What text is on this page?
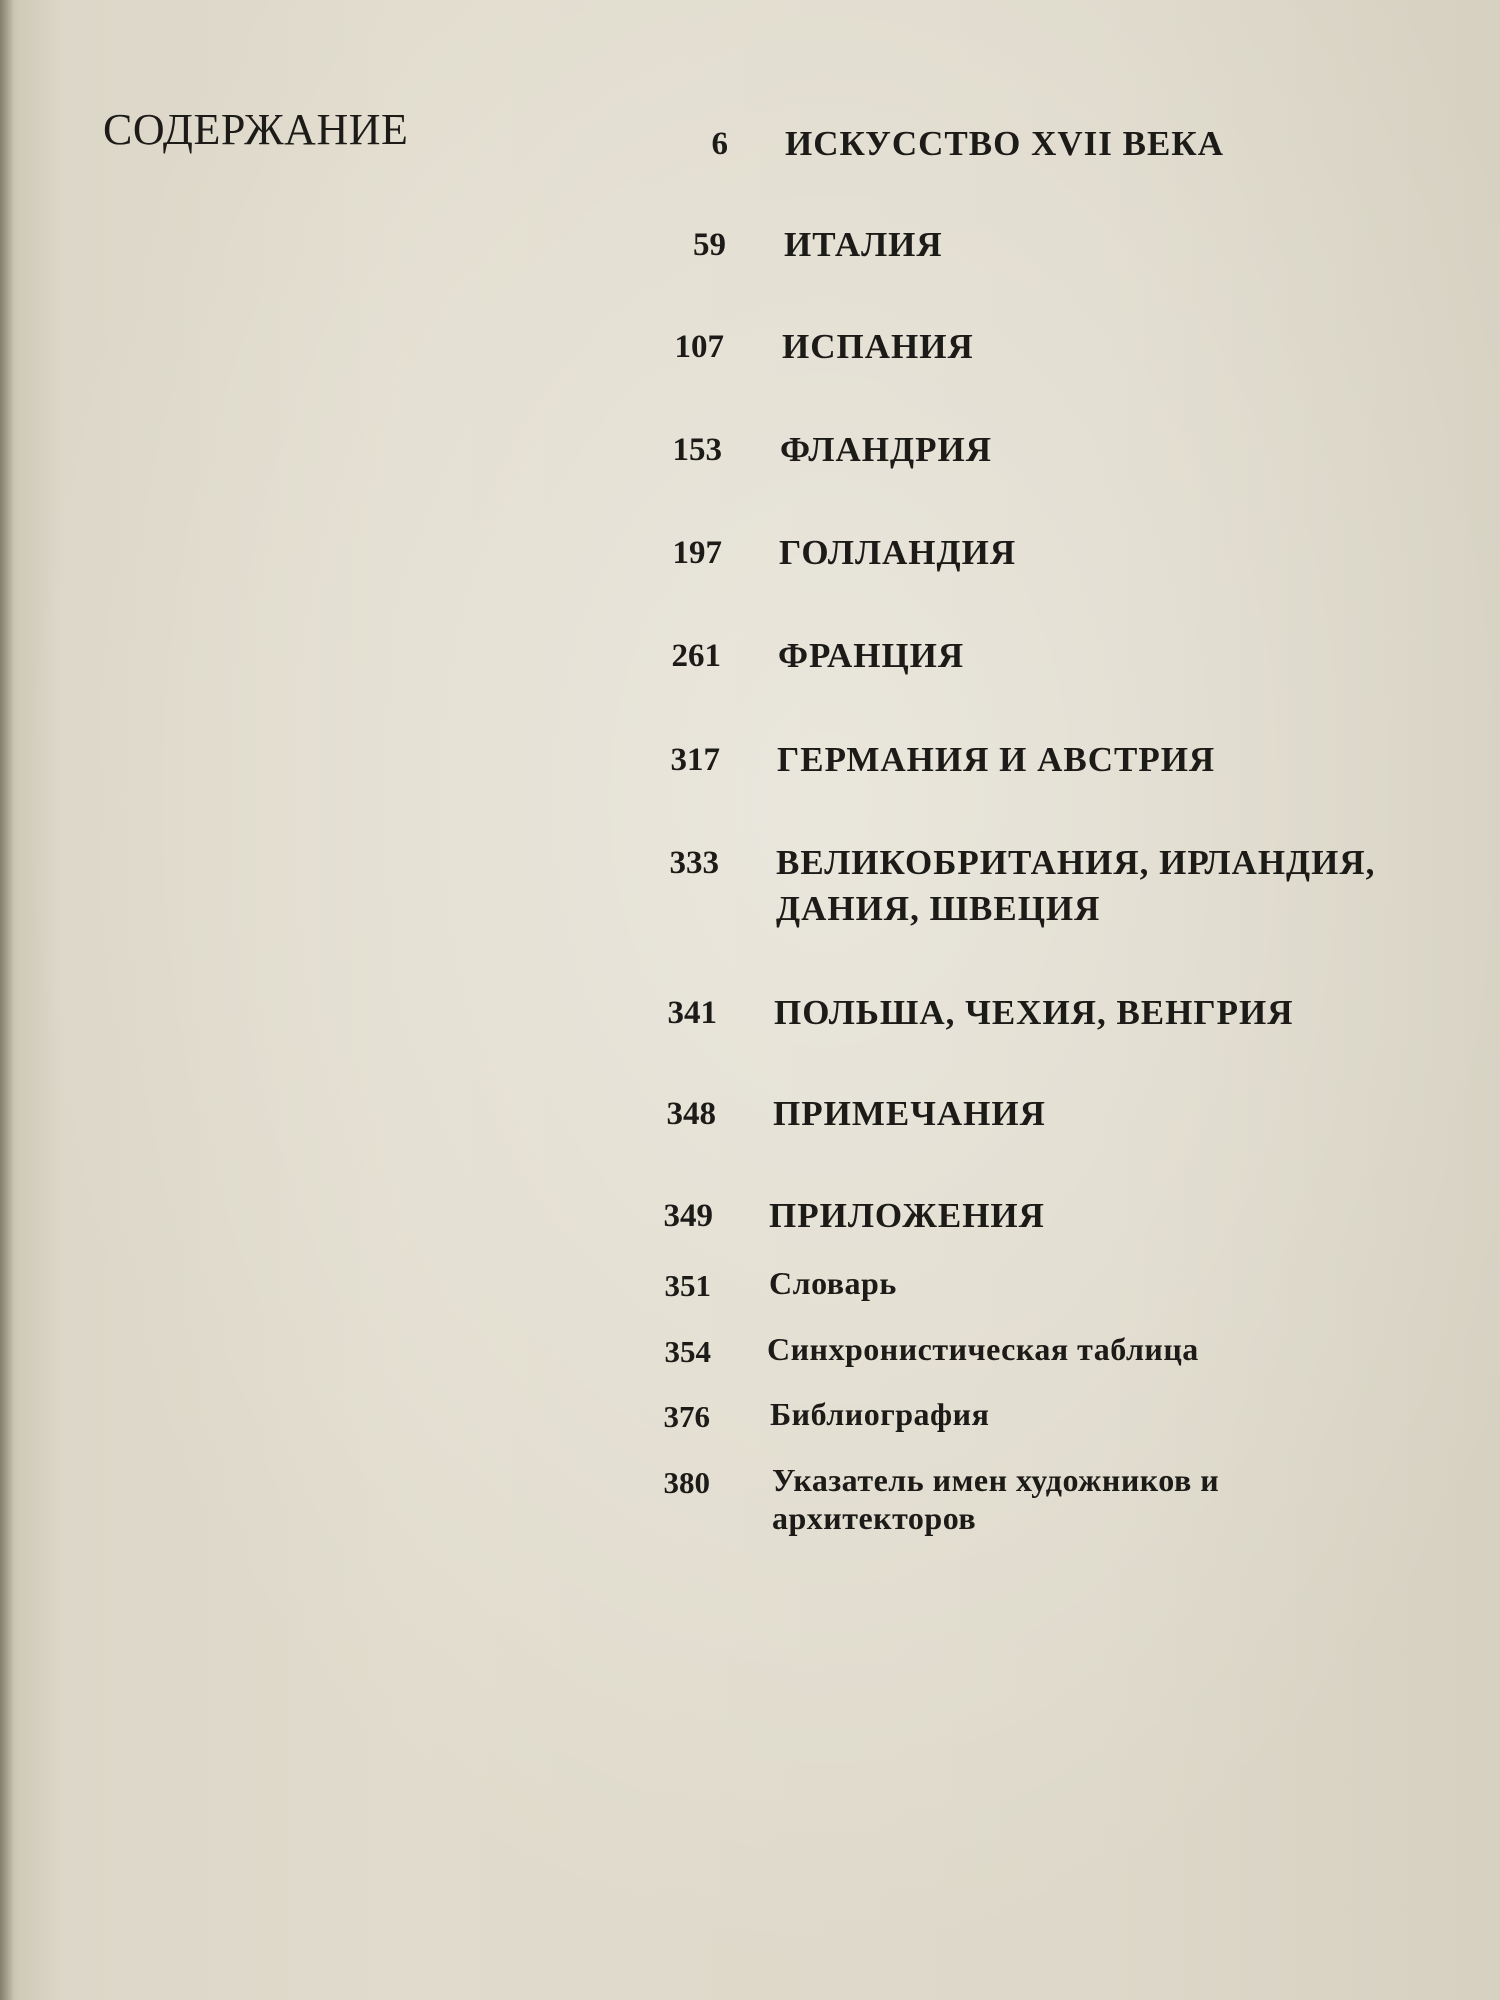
СОДЕРЖАНИЕ	6 ИСКУССТВО XVII ВЕКА
59 ИТАЛИЯ
107 ИСПАНИЯ
153 ФЛАНДРИЯ
197 ГОЛЛАНДИЯ
261 ФРАНЦИЯ
317 ГЕРМАНИЯ И АВСТРИЯ
333 ВЕЛИКОБРИТАНИЯ, ИРЛАНДИЯ,
ДАНИЯ, ШВЕЦИЯ
341 ПОЛЬША, ЧЕХИЯ, ВЕНГРИЯ
348 ПРИМЕЧАНИЯ
349 ПРИЛОЖЕНИЯ
351 Словарь
354 Синхронистическая таблица
376 Библиография
380 Указатель имен художников и
архитекторов
